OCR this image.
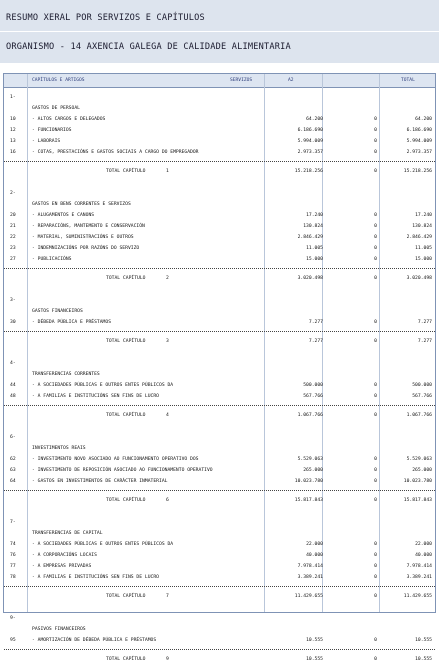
RESUMO XERAL POR SERVIZOS E CAPÍTULOS
ORGANISMO - 14 AXENCIA GALEGA DE CALIDADE ALIMENTARIA
CAPÍTULOS E ARTIGOS	SERVIZOS	A2	TOTAL
1-
GASTOS DE PERSOAL
10	- ALTOS CARGOS E DELEGADOS	64.200	0	64.200
12	- FUNCIONARIOS	6.186.690	0	6.186.690
13	- LABORAIS	5.994.009	0	5.994.009
16	- COTAS, PRESTACIÓNS E GASTOS SOCIAIS A CARGO DO EMPREGADOR	2.973.357	0	2.973.357
TOTAL CAPÍTULO	1	15.218.256	0	15.218.256
2-
GASTOS EN BENS CORRENTES E SERVIZOS
20	- ALUGAMENTOS E CANONS	17.240	0	17.240
21	- REPARACIÓNS, MANTEMENTO E CONSERVACIÓN	130.824	0	130.824
22	- MATERIAL, SUMINISTRACIÓNS E OUTROS	2.846.429	0	2.846.429
23	- INDEMNIZACIÓNS POR RAZÓNS DO SERVIZO	11.005	0	11.005
27	- PUBLICACIÓNS	15.000	0	15.000
TOTAL CAPÍTULO	2	3.020.498	0	3.020.498
3-
GASTOS FINANCEIROS
30	- DÉBEDA PÚBLICA E PRÉSTAMOS	7.277	0	7.277
TOTAL CAPÍTULO	3	7.277	0	7.277
4-
TRANSFERENCIAS CORRENTES
44	- A SOCIEDADES PÚBLICAS E OUTROS ENTES PÚBLICOS DA	500.000	0	500.000
48	- A FAMILIAS E INSTITUCIÓNS SEN FINS DE LUCRO	567.766	0	567.766
TOTAL CAPÍTULO	4	1.067.766	0	1.067.766
6-
INVESTIMENTOS REAIS
62	- INVESTIMENTO NOVO ASOCIADO AO FUNCIONAMENTO OPERATIVO DOS	5.529.063	0	5.529.063
63	- INVESTIMENTO DE REPOSICIÓN ASOCIADO AO FUNCIONAMENTO OPERATIVO	265.000	0	265.000
64	- GASTOS EN INVESTIMENTOS DE CARÁCTER INMATERIAL	10.023.780	0	10.023.780
TOTAL CAPÍTULO	6	15.817.843	0	15.817.843
7-
TRANSFERENCIAS DE CAPITAL
74	- A SOCIEDADES PÚBLICAS E OUTROS ENTES PÚBLICOS DA	22.000	0	22.000
76	- A CORPORACIÓNS LOCAIS	40.000	0	40.000
77	- A EMPRESAS PRIVADAS	7.978.414	0	7.978.414
78	- A FAMILIAS E INSTITUCIÓNS SEN FINS DE LUCRO	3.389.241	0	3.389.241
TOTAL CAPÍTULO	7	11.429.655	0	11.429.655
9-
PASIVOS FINANCEIROS
95	- AMORTIZACIÓN DE DÉBEDA PÚBLICA E PRÉSTAMOS	10.555	0	10.555
TOTAL CAPÍTULO	9	10.555	0	10.555
